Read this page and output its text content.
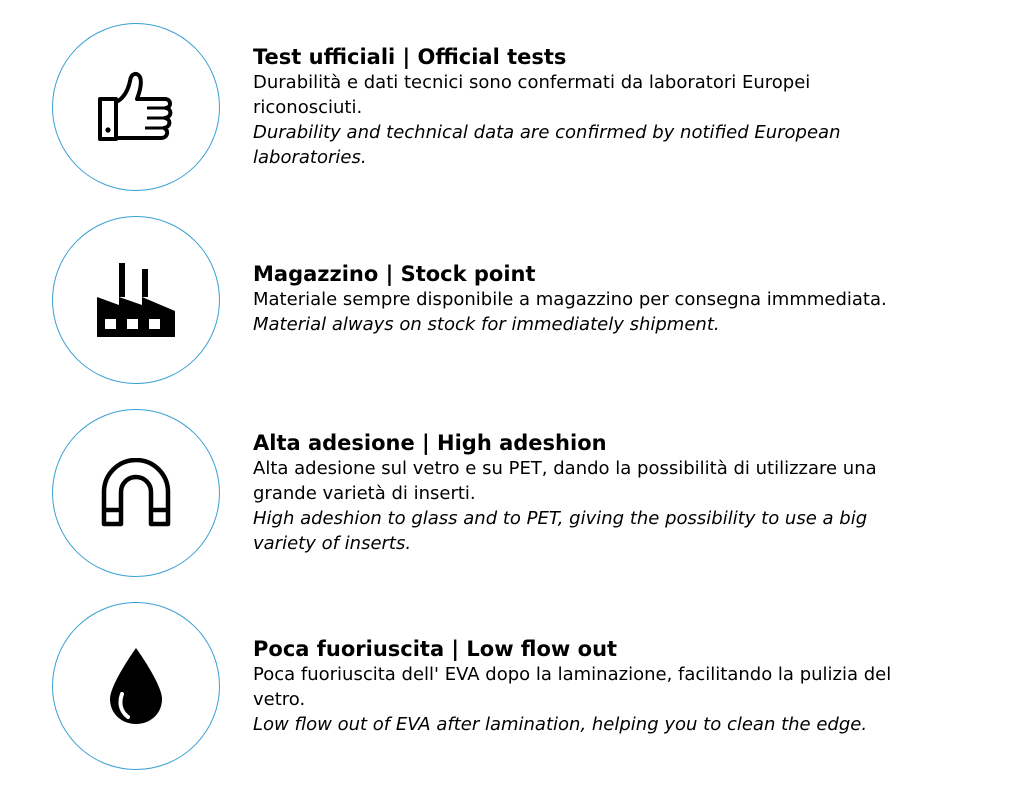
Test ufficiali | Official tests

Durabilità e dati tecnici sono confermati da laboratori Europei

riconosciuti.

Durability and technical data are confirmed by notified European

laboratories.

Magazzino | Stock point

Materiale sempre disponibile a magazzino per consegna immmediata.

Material always on stock for immediately shipment.

Alta adesione | High adeshion

Alta adesione sul vetro e su PET, dando la possibilità di utilizzare una

grande varietà di inserti.

High adeshion to glass and to PET, giving the possibility to use a big

variety of inserts.

Poca fuoriuscita | Low flow out

Poca fuoriuscita dell' EVA dopo la laminazione, facilitando la pulizia del

vetro.

Low flow out of EVA after lamination, helping you to clean the edge.
